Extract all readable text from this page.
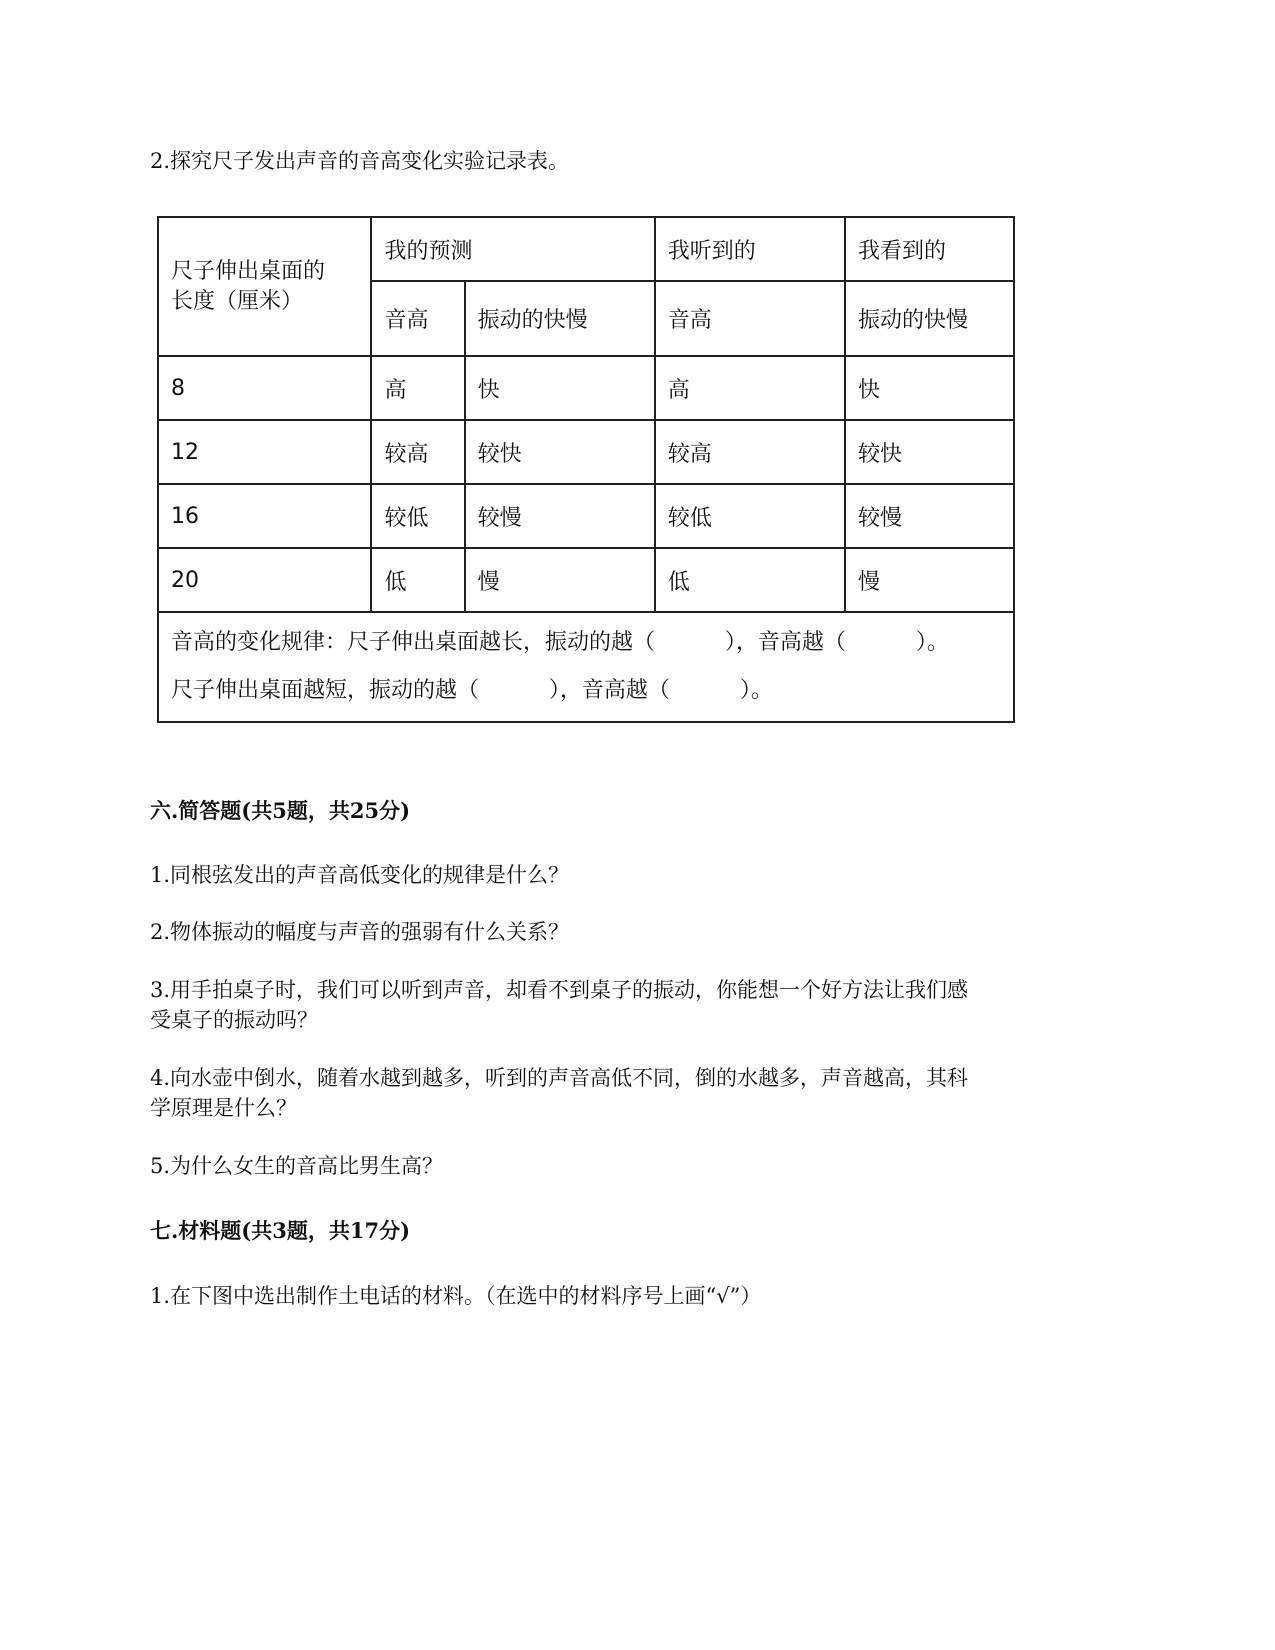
2.探究尺子发出声音的音高变化实验记录表。
尺子伸出桌面的
长度（厘米）	我的预测		我听到的	我看到的
	音高	振动的快慢	音高	振动的快慢
8	高	快	高	快
12	较高	较快	较高	较快
16	较低	较慢	较低	较慢
20	低	慢	低	慢
音高的变化规律：尺子伸出桌面越长，振动的越（          ），音高越（          ）。
尺子伸出桌面越短，振动的越（          ），音高越（          ）。				
六.简答题(共5题，共25分)
1.同根弦发出的声音高低变化的规律是什么？
2.物体振动的幅度与声音的强弱有什么关系？
3.用手拍桌子时，我们可以听到声音，却看不到桌子的振动，你能想一个好方法让我们感
受桌子的振动吗？
4.向水壶中倒水，随着水越到越多，听到的声音高低不同，倒的水越多，声音越高，其科
学原理是什么？
5.为什么女生的音高比男生高？
七.材料题(共3题，共17分)
1.在下图中选出制作土电话的材料。（在选中的材料序号上画“√”）
